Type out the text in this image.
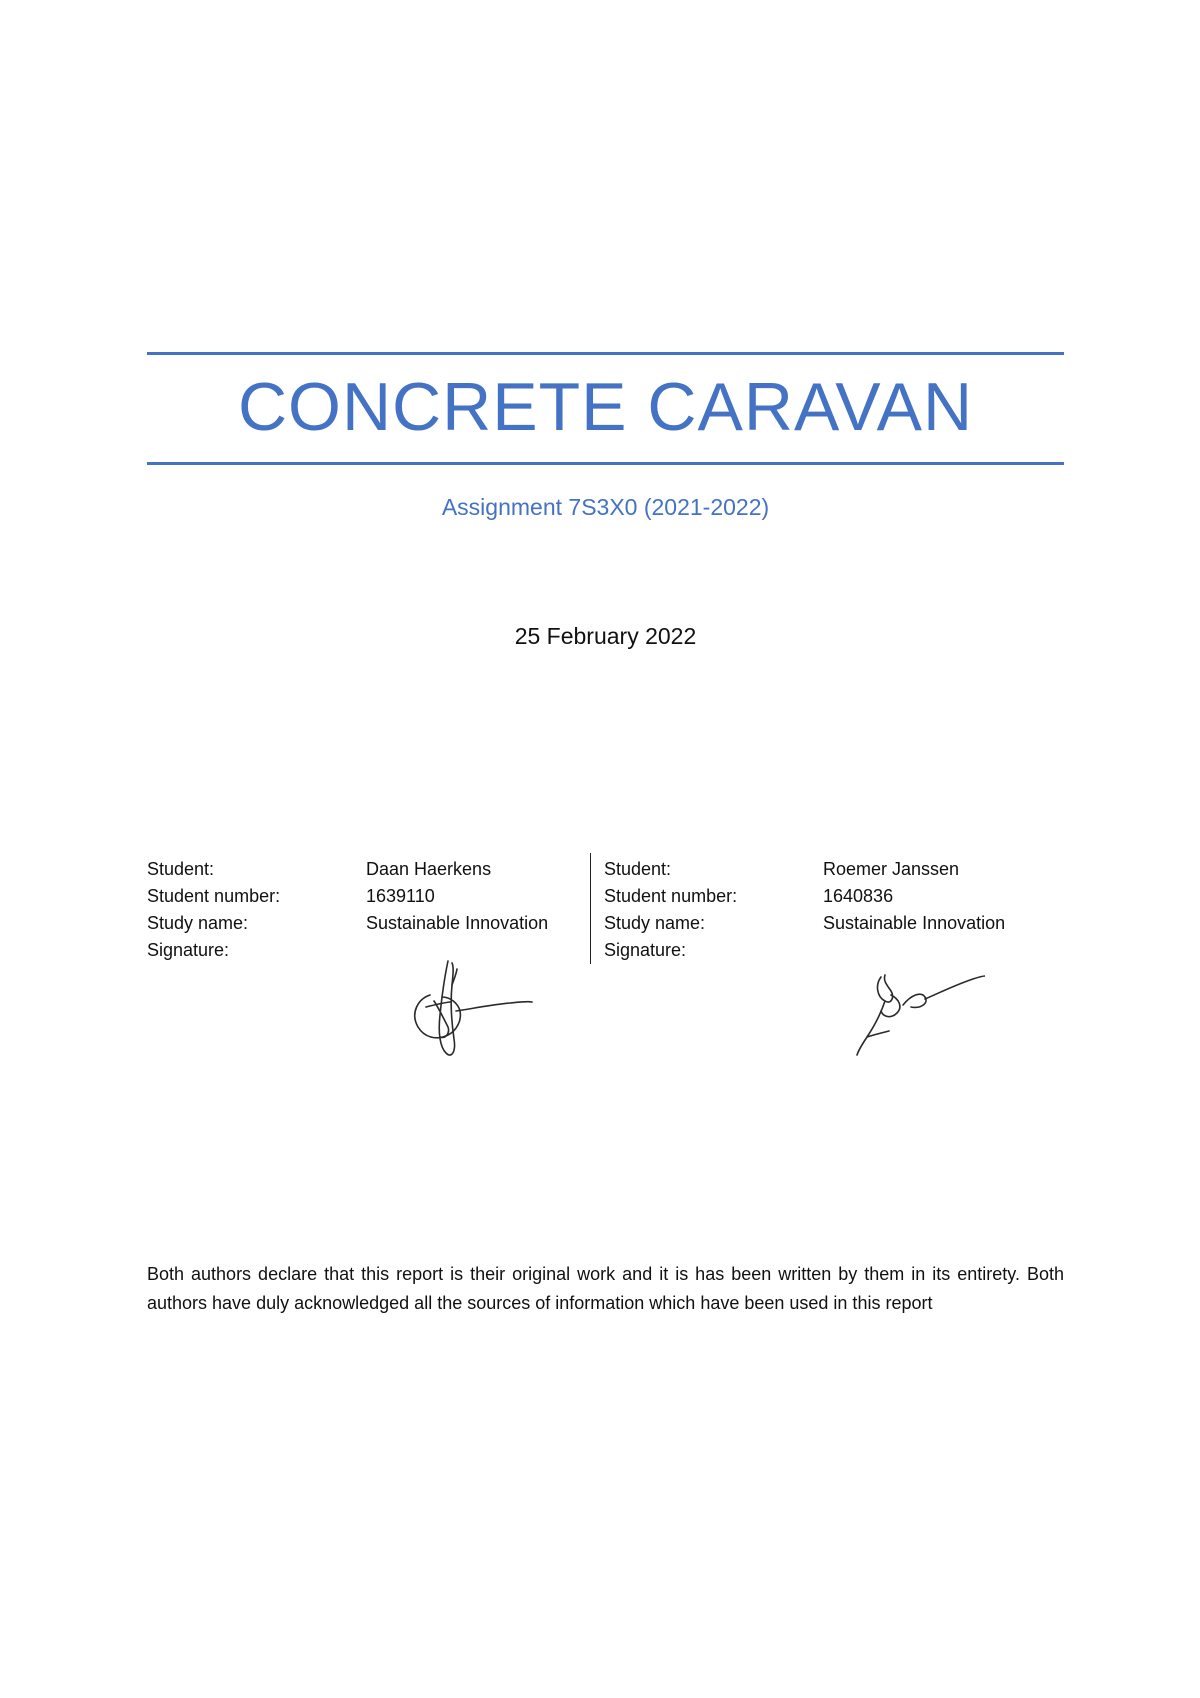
CONCRETE CARAVAN
Assignment 7S3X0 (2021-2022)
25 February 2022
Student:	Daan Haerkens
Student number:	1639110
Study name:	Sustainable Innovation
Signature:
Student:	Roemer Janssen
Student number:	1640836
Study name:	Sustainable Innovation
Signature:
Both authors declare that this report is their original work and it is has been written by them in its entirety. Both authors have duly acknowledged all the sources of information which have been used in this report
